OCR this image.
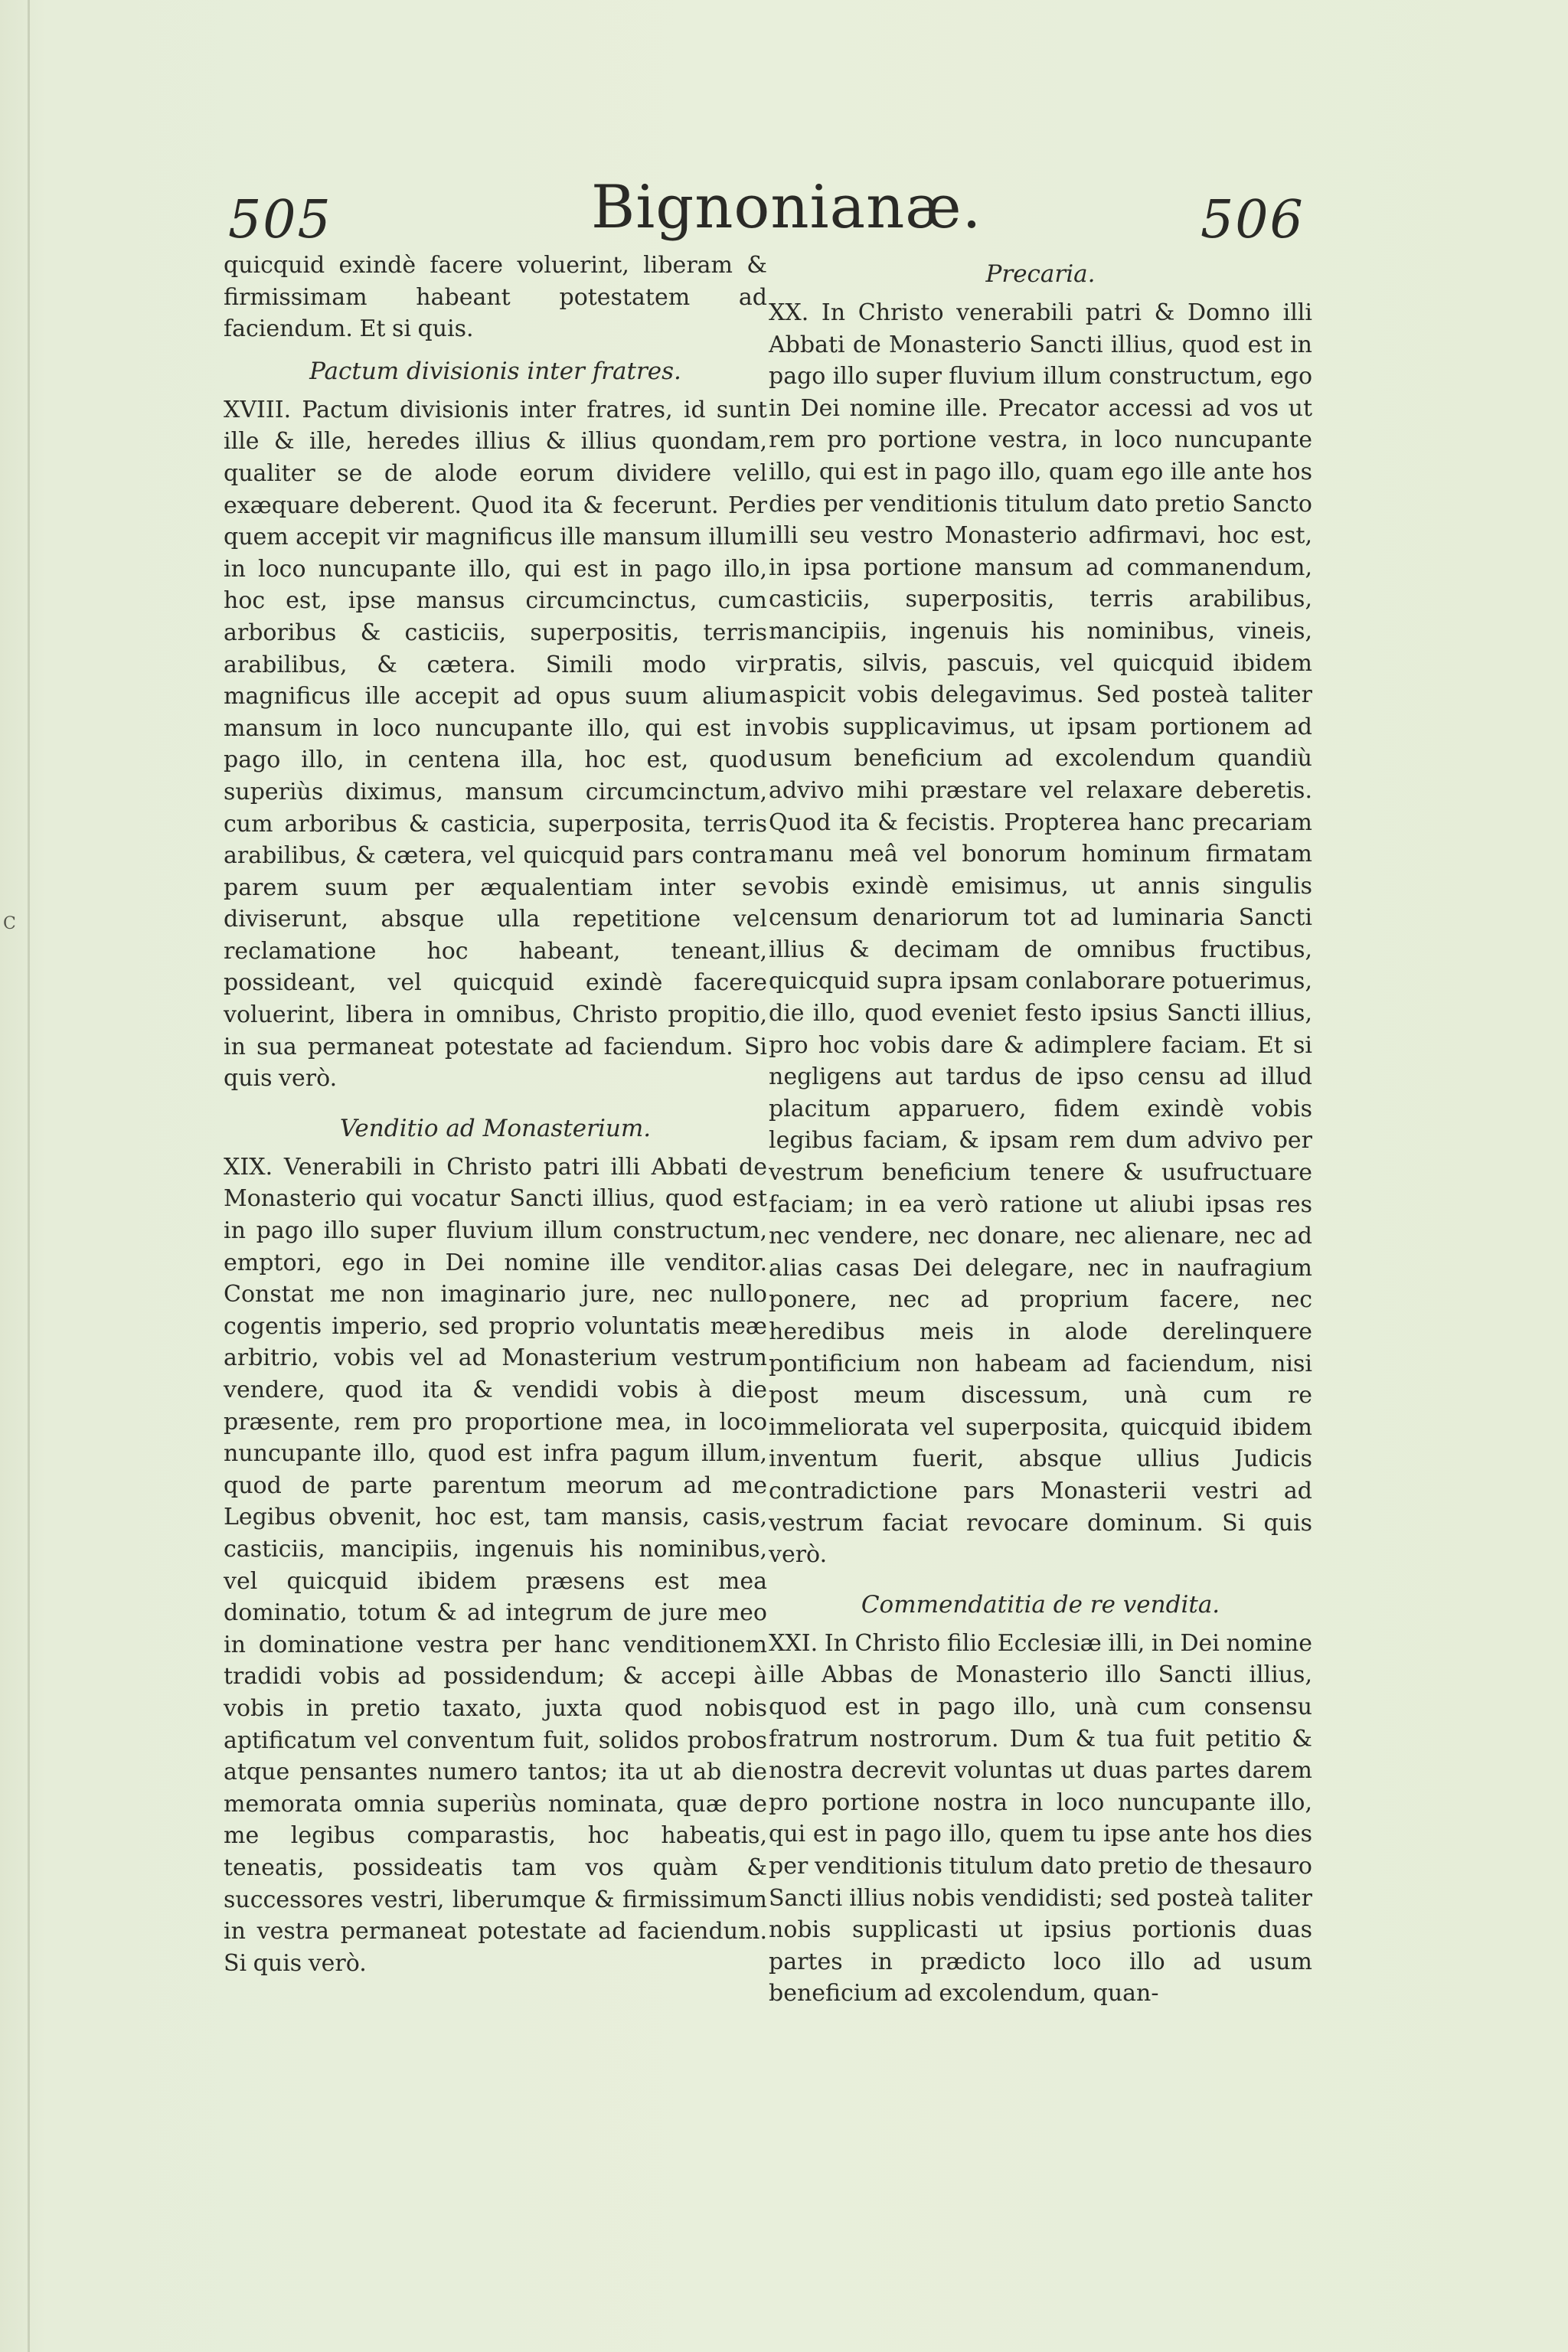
C
505	Bignonianæ.	506

quicquid exindè facere voluerint, liberam & firmissimam habeant potestatem ad faciendum. Et si quis.

Pactum divisionis inter fratres.

XVIII. Pactum divisionis inter fratres, id sunt ille & ille, heredes illius & illius quondam, qualiter se de alode eorum dividere vel exæquare deberent. Quod ita & fecerunt. Per quem accepit vir magnificus ille mansum illum in loco nuncupante illo, qui est in pago illo, hoc est, ipse mansus circumcinctus, cum arboribus & casticiis, superpositis, terris arabilibus, & cætera. Simili modo vir magnificus ille accepit ad opus suum alium mansum in loco nuncupante illo, qui est in pago illo, in centena illa, hoc est, quod superiùs diximus, mansum circumcinctum, cum arboribus & casticia, superposita, terris arabilibus, & cætera, vel quicquid pars contra parem suum per æqualentiam inter se diviserunt, absque ulla repetitione vel reclamatione hoc habeant, teneant, possideant, vel quicquid exindè facere voluerint, libera in omnibus, Christo propitio, in sua permaneat potestate ad faciendum. Si quis verò.

Venditio ad Monasterium.

XIX. Venerabili in Christo patri illi Abbati de Monasterio qui vocatur Sancti illius, quod est in pago illo super fluvium illum constructum, emptori, ego in Dei nomine ille venditor. Constat me non imaginario jure, nec nullo cogentis imperio, sed proprio voluntatis meæ arbitrio, vobis vel ad Monasterium vestrum vendere, quod ita & vendidi vobis à die præsente, rem pro proportione mea, in loco nuncupante illo, quod est infra pagum illum, quod de parte parentum meorum ad me Legibus obvenit, hoc est, tam mansis, casis, casticiis, mancipiis, ingenuis his nominibus, vel quicquid ibidem præsens est mea dominatio, totum & ad integrum de jure meo in dominatione vestra per hanc venditionem tradidi vobis ad possidendum; & accepi à vobis in pretio taxato, juxta quod nobis aptificatum vel conventum fuit, solidos probos atque pensantes numero tantos; ita ut ab die memorata omnia superiùs nominata, quæ de me legibus comparastis, hoc habeatis, teneatis, possideatis tam vos quàm & successores vestri, liberumque & firmissimum in vestra permaneat potestate ad faciendum. Si quis verò.

Precaria.

XX. In Christo venerabili patri & Domno illi Abbati de Monasterio Sancti illius, quod est in pago illo super fluvium illum constructum, ego in Dei nomine ille. Precator accessi ad vos ut rem pro portione vestra, in loco nuncupante illo, qui est in pago illo, quam ego ille ante hos dies per venditionis titulum dato pretio Sancto illi seu vestro Monasterio adfirmavi, hoc est, in ipsa portione mansum ad commanendum, casticiis, superpositis, terris arabilibus, mancipiis, ingenuis his nominibus, vineis, pratis, silvis, pascuis, vel quicquid ibidem aspicit vobis delegavimus. Sed posteà taliter vobis supplicavimus, ut ipsam portionem ad usum beneficium ad excolendum quandiù advivo mihi præstare vel relaxare deberetis. Quod ita & fecistis. Propterea hanc precariam manu meâ vel bonorum hominum firmatam vobis exindè emisimus, ut annis singulis censum denariorum tot ad luminaria Sancti illius & decimam de omnibus fructibus, quicquid supra ipsam conlaborare potuerimus, die illo, quod eveniet festo ipsius Sancti illius, pro hoc vobis dare & adimplere faciam. Et si negligens aut tardus de ipso censu ad illud placitum apparuero, fidem exindè vobis legibus faciam, & ipsam rem dum advivo per vestrum beneficium tenere & usufructuare faciam; in ea verò ratione ut aliubi ipsas res nec vendere, nec donare, nec alienare, nec ad alias casas Dei delegare, nec in naufragium ponere, nec ad proprium facere, nec heredibus meis in alode derelinquere pontificium non habeam ad faciendum, nisi post meum discessum, unà cum re immeliorata vel superposita, quicquid ibidem inventum fuerit, absque ullius Judicis contradictione pars Monasterii vestri ad vestrum faciat revocare dominum. Si quis verò.

Commendatitia de re vendita.

XXI. In Christo filio Ecclesiæ illi, in Dei nomine ille Abbas de Monasterio illo Sancti illius, quod est in pago illo, unà cum consensu fratrum nostrorum. Dum & tua fuit petitio & nostra decrevit voluntas ut duas partes darem pro portione nostra in loco nuncupante illo, qui est in pago illo, quem tu ipse ante hos dies per venditionis titulum dato pretio de thesauro Sancti illius nobis vendidisti; sed posteà taliter nobis supplicasti ut ipsius portionis duas partes in prædicto loco illo ad usum beneficium ad excolendum, quan-
